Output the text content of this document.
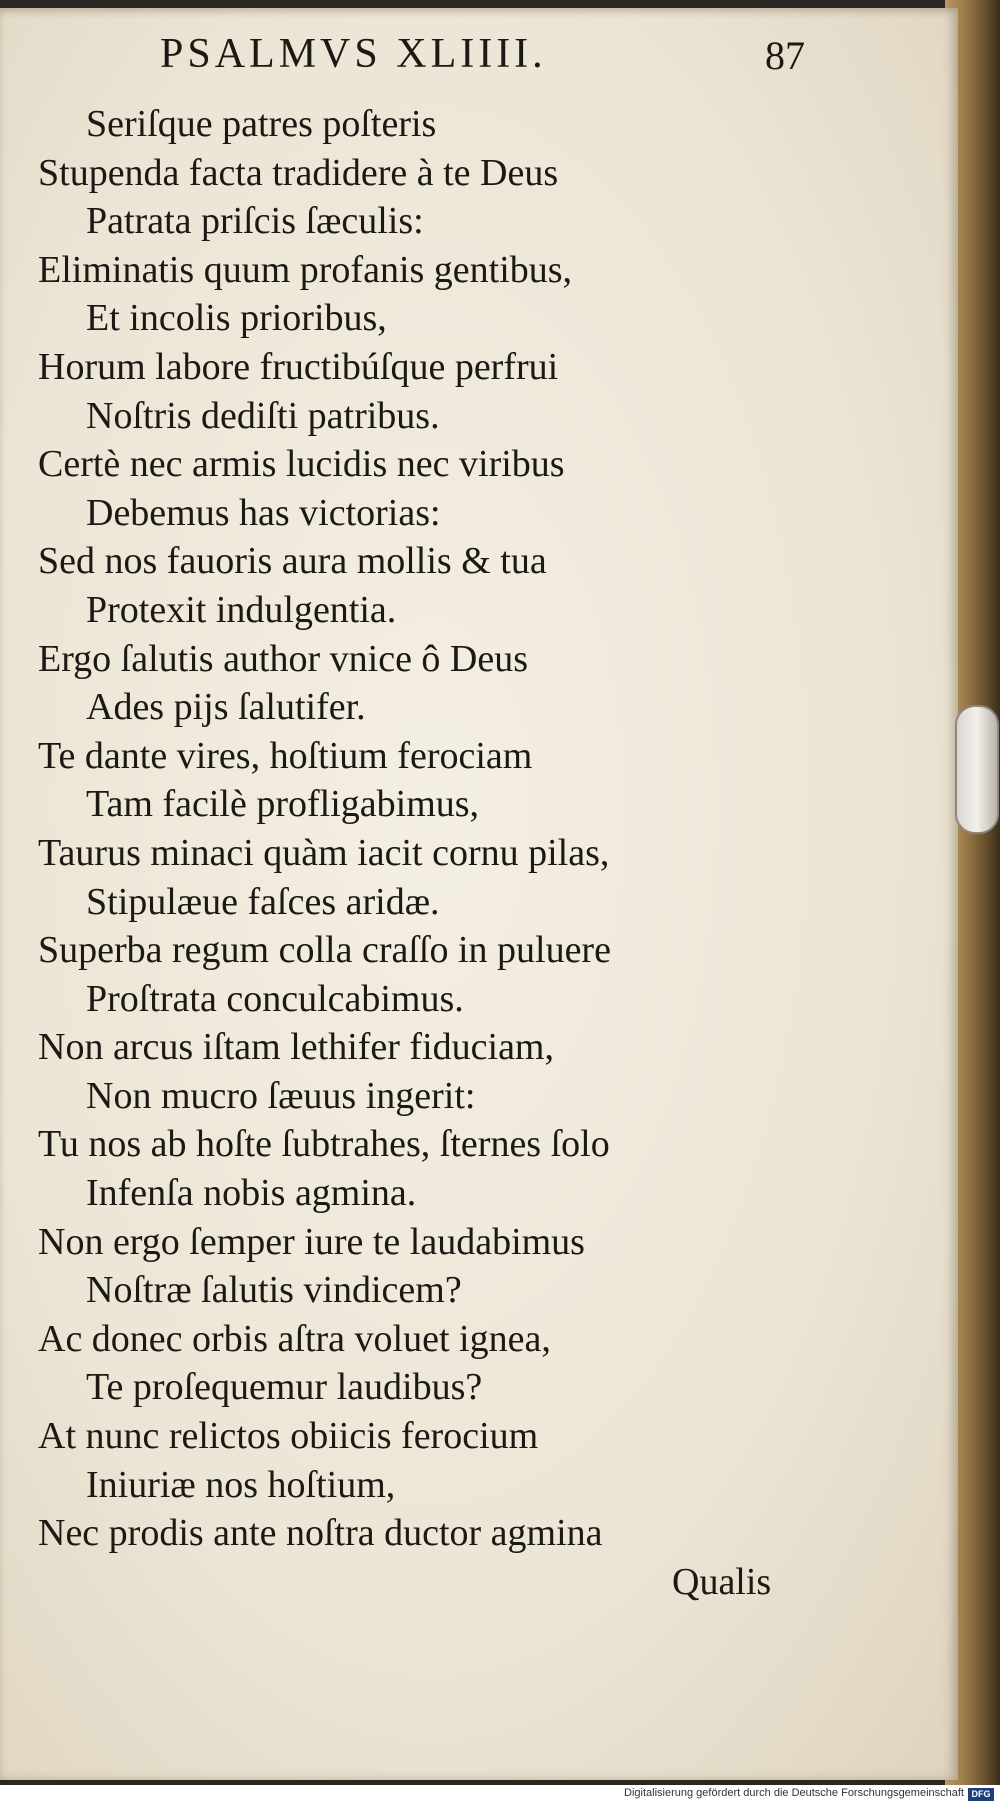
PSALMVS XLIIII.	87
Seriſque patres poſteris
Stupenda facta tradidere à te Deus
Patrata priſcis ſæculis:
Eliminatis quum profanis gentibus,
Et incolis prioribus,
Horum labore fructibúſque perfrui
Noſtris dediſti patribus.
Certè nec armis lucidis nec viribus
Debemus has victorias:
Sed nos fauoris aura mollis & tua
Protexit indulgentia.
Ergo ſalutis author vnice ô Deus
Ades pijs ſalutifer.
Te dante vires, hoſtium ferociam
Tam facilè profligabimus,
Taurus minaci quàm iacit cornu pilas,
Stipulæue faſces aridæ.
Superba regum colla craſſo in puluere
Proſtrata conculcabimus.
Non arcus iſtam lethifer fiduciam,
Non mucro ſæuus ingerit:
Tu nos ab hoſte ſubtrahes, ſternes ſolo
Infenſa nobis agmina.
Non ergo ſemper iure te laudabimus
Noſtræ ſalutis vindicem?
Ac donec orbis aſtra voluet ignea,
Te proſequemur laudibus?
At nunc relictos obiicis ferocium
Iniuriæ nos hoſtium,
Nec prodis ante noſtra ductor agmina
Qualis
Digitalisierung gefördert durch die Deutsche Forschungsgemeinschaft DFG
